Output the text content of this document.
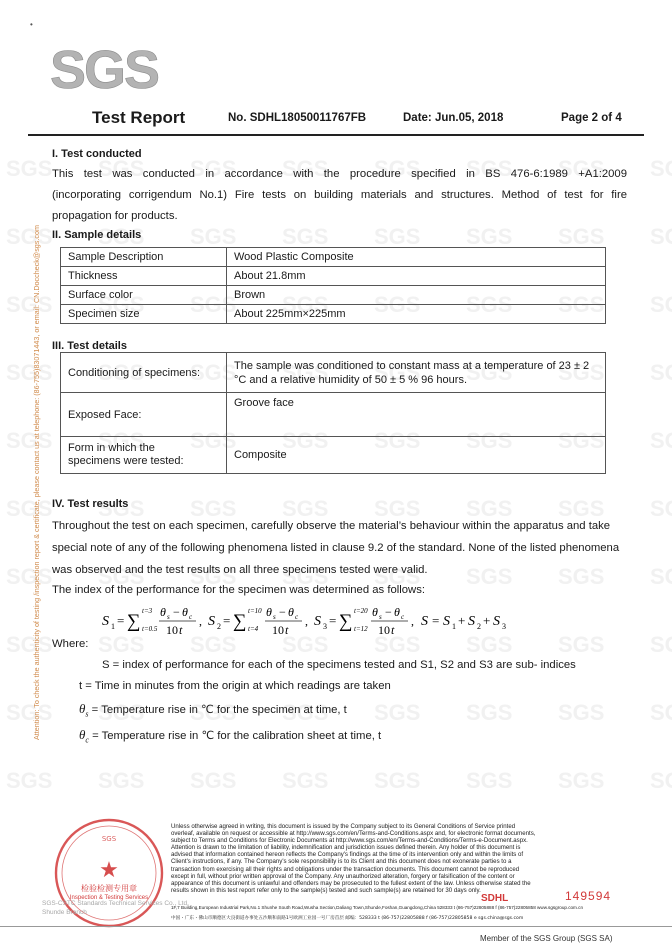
SGS
•
Test Report	No. SDHL18050011767FB	Date: Jun.05, 2018	Page 2 of 4
Attention: To check the authenticity of testing /inspection report & certificate, please contact us at telephone: (86-755)83071443, or email: CN.Doccheck@sgs.com
I. Test conducted
This test was conducted in accordance with the procedure specified in BS 476-6:1989 +A1:2009
(incorporating corrigendum No.1) Fire tests on building materials and structures. Method of test for fire
propagation for products.
II. Sample details
Sample Description	Wood Plastic Composite
Thickness	About 21.8mm
Surface color	Brown
Specimen size	About 225mm×225mm
III. Test details
Conditioning of specimens:	The sample was conditioned to constant mass at a temperature of 23 ± 2 °C and a relative humidity of 50 ± 5 % 96 hours.
Exposed Face:	Groove face
Form in which the specimens were tested:	Composite
IV. Test results
Throughout the test on each specimen, carefully observe the material’s behaviour within the apparatus and take
special note of any of the following phenomena listed in clause 9.2 of the standard. None of the listed phenomena
was observed and the test results on all three specimens tested were valid.
The index of the performance for the specimen was determined as follows:
S 1 = ∑ t=3
t=0.5
θ s − θ c
10 t
, S 2 = ∑ t=10
t=4
θ s − θ c
10 t
, S 3 = ∑ t=20
t=12
θ s − θ c
10 t
, S = S 1 + S 2 + S 3
Where:
S = index of performance for each of the specimens tested and S1, S2 and S3 are sub- indices
t = Time in minutes from the origin at which readings are taken
$\theta_s$ = Temperature rise in ℃ for the specimen at time, t
$\theta_c$ = Temperature rise in ℃ for the calibration sheet at time, t
★
SGS
检验检测专用章
Inspection & Testing Services
SGS-CSTC Standards Technical Services Co., Ltd.
Shunde Branch
Unless otherwise agreed in writing, this document is issued by the Company subject to its General Conditions of Service printed
overleaf, available on request or accessible at http://www.sgs.com/en/Terms-and-Conditions.aspx and, for electronic format documents,
subject to Terms and Conditions for Electronic Documents at http://www.sgs.com/en/Terms-and-Conditions/Terms-e-Document.aspx.
Attention is drawn to the limitation of liability, indemnification and jurisdiction issues defined therein. Any holder of this document is
advised that information contained hereon reflects the Company's findings at the time of its intervention only and within the limits of
Client's instructions, if any. The Company's sole responsibility is to its Client and this document does not exonerate parties to a
transaction from exercising all their rights and obligations under the transaction documents. This document cannot be reproduced
except in full, without prior written approval of the Company. Any unauthorized alteration, forgery or falsification of the content or
appearance of this document is unlawful and offenders may be prosecuted to the fullest extent of the law. Unless otherwise stated the
results shown in this test report refer only to the sample(s) tested and such sample(s) are retained for 30 days only.
SDHL	149594
1F,7 Building,European Industrial Park,No.1 Shunhe South Road,Wusha Section,Daliang Town,Shunde,Foshan,Guangdong,China 528333 t (86-757)22805888 f (86-757)22805858 www.sgsgroup.com.cn
中国・广东・佛山市顺德区大良街道办事处五沙顺和南路1号欧洲工业园一号厂房首层 邮编：528333 t (86-757)22805888 f (86-757)22805858 e sgs.china@sgs.com
Member of the SGS Group (SGS SA)
